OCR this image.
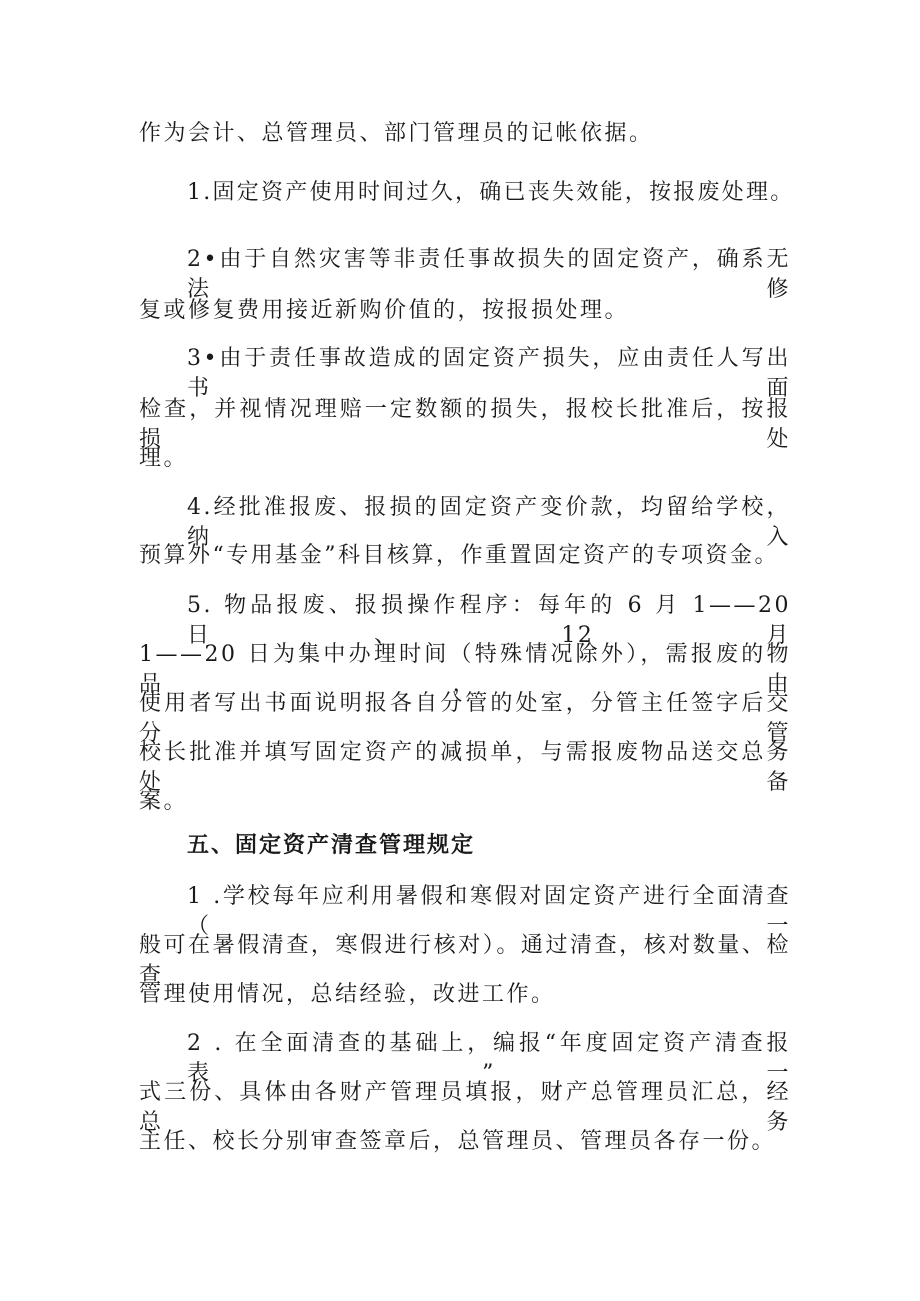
作为会计、总管理员、部门管理员的记帐依据。
1.固定资产使用时间过久，确已丧失效能，按报废处理。
2•由于自然灾害等非责任事故损失的固定资产，确系无法修
复或修复费用接近新购价值的，按报损处理。
3•由于责任事故造成的固定资产损失，应由责任人写出书面
检查，并视情况理赔一定数额的损失，报校长批准后，按报损处
理。
4.经批准报废、报损的固定资产变价款，均留给学校，纳入
预算外“专用基金”科目核算，作重置固定资产的专项资金。
5. 物品报废、报损操作程序：每年的 6 月 1——20 日、12 月
1——20 日为集中办理时间（特殊情况除外），需报废的物品，由
使用者写出书面说明报各自分管的处室，分管主任签字后交分管
校长批准并填写固定资产的减损单，与需报废物品送交总务处备
案。
五、固定资产清查管理规定
1 .学校每年应利用暑假和寒假对固定资产进行全面清查（一
般可在暑假清查，寒假进行核对）。通过清查，核对数量、检查
管理使用情况，总结经验，改进工作。
2 . 在全面清查的基础上，编报“年度固定资产清查报表”一
式三份、具体由各财产管理员填报，财产总管理员汇总，经总务
主任、校长分别审查签章后，总管理员、管理员各存一份。
